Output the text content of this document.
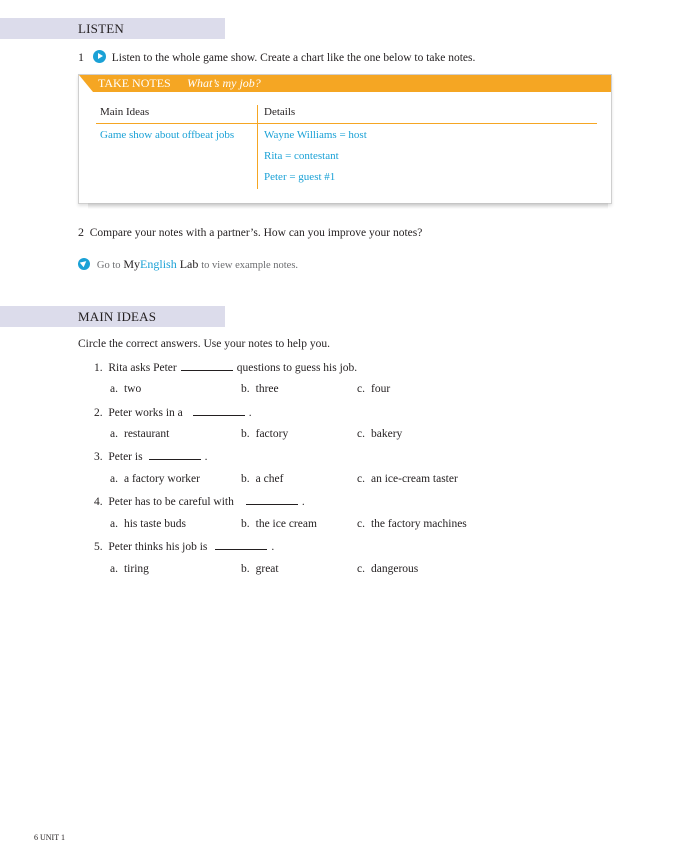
LISTEN
1 Listen to the whole game show. Create a chart like the one below to take notes.
TAKE NOTES What’s my job?
Main Ideas	Details
Game show about offbeat jobs	Wayne Williams = host
Rita = contestant
Peter = guest #1
2 Compare your notes with a partner’s. How can you improve your notes?
Go to MyEnglish Lab to view example notes.
MAIN IDEAS
Circle the correct answers. Use your notes to help you.
1. Rita asks Peter	questions to guess his job.
a. two	b. three	c. four
2. Peter works in a	.
a. restaurant	b. factory	c. bakery
3. Peter is	.
a. a factory worker	b. a chef	c. an ice-cream taster
4. Peter has to be careful with	.
a. his taste buds	b. the ice cream	c. the factory machines
5. Peter thinks his job is	.
a. tiring	b. great	c. dangerous
6 UNIT 1
